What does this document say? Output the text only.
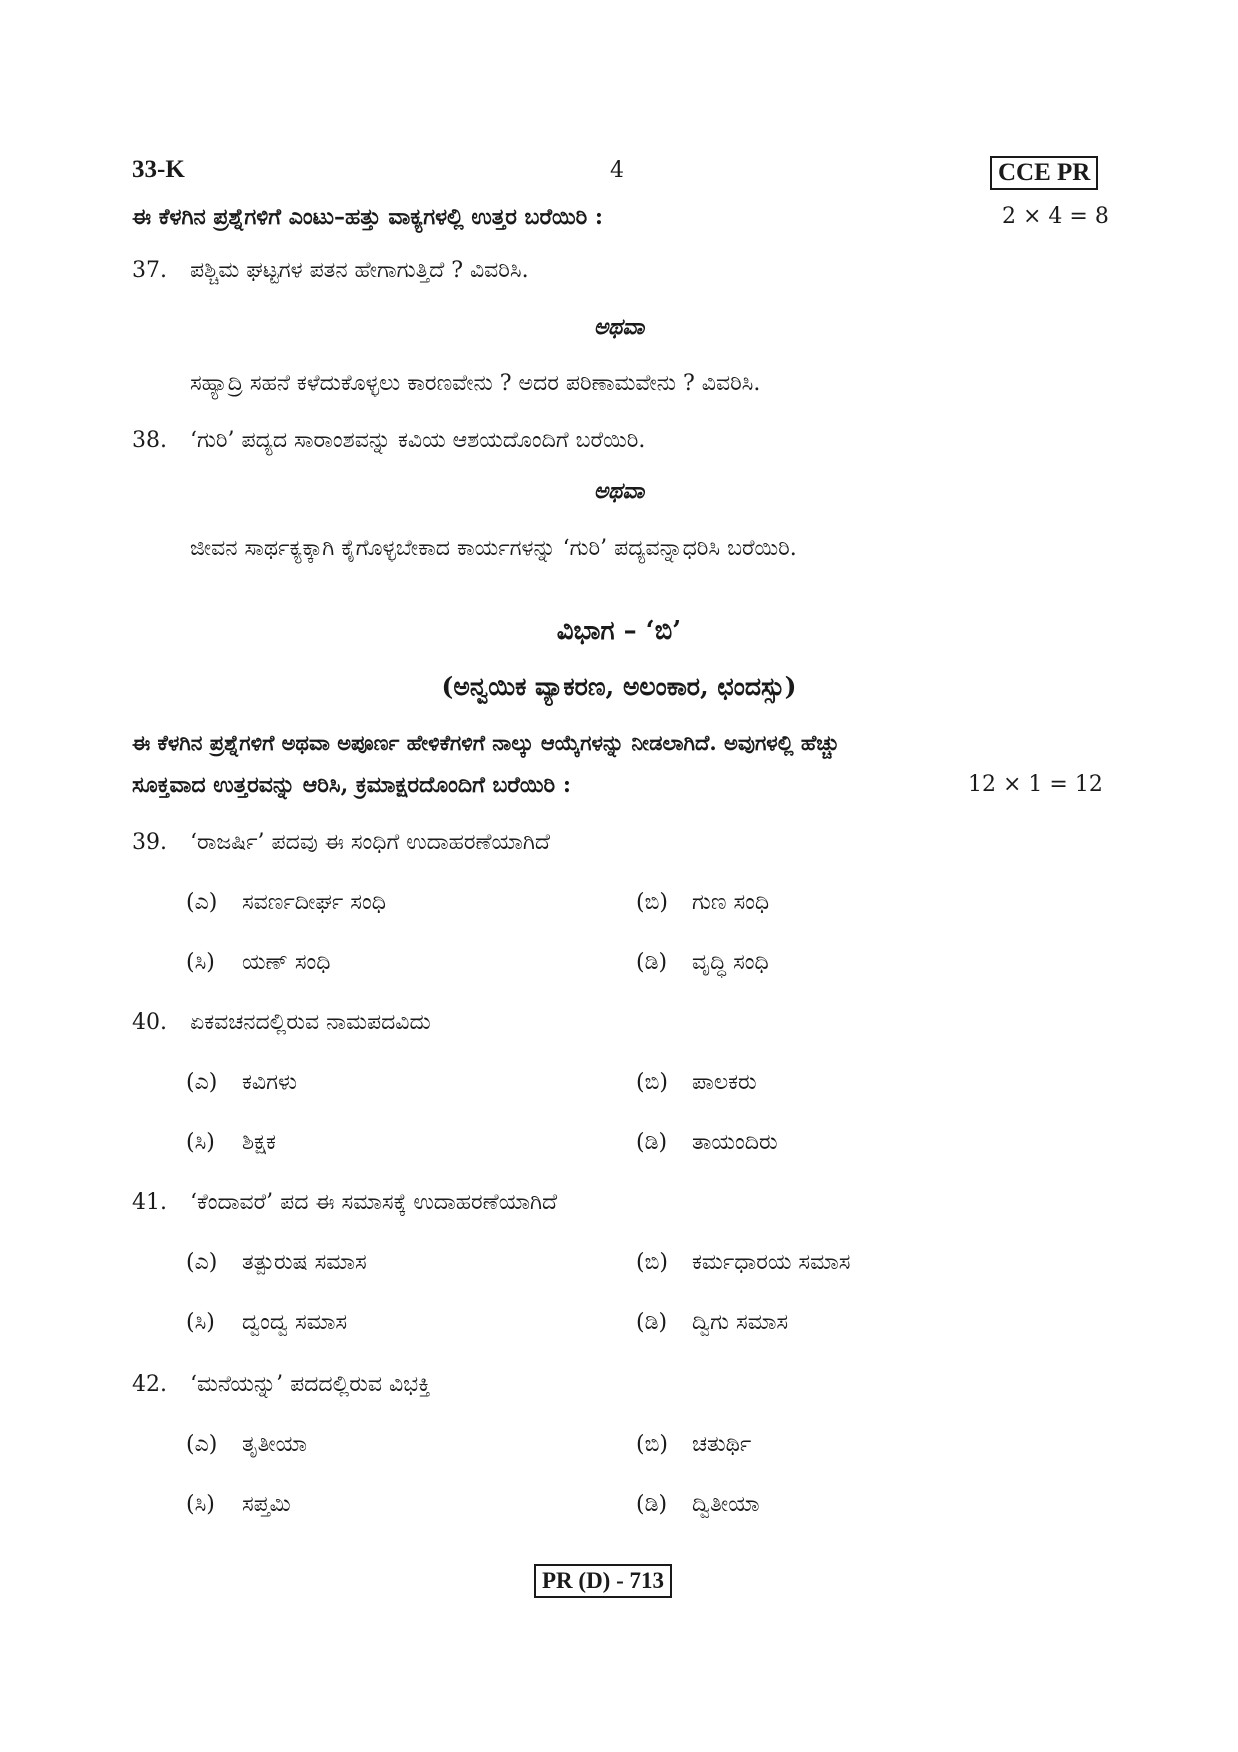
33-K	4	CCE PR
ಈ ಕೆಳಗಿನ ಪ್ರಶ್ನೆಗಳಿಗೆ ಎಂಟು–ಹತ್ತು ವಾಕ್ಯಗಳಲ್ಲಿ ಉತ್ತರ ಬರೆಯಿರಿ :	2 × 4 = 8
37. ಪಶ್ಚಿಮ ಘಟ್ಟಗಳ ಪತನ ಹೇಗಾಗುತ್ತಿದೆ ? ವಿವರಿಸಿ.
ಅಥವಾ
ಸಹ್ಯಾದ್ರಿ ಸಹನೆ ಕಳೆದುಕೊಳ್ಳಲು ಕಾರಣವೇನು ? ಅದರ ಪರಿಣಾಮವೇನು ? ವಿವರಿಸಿ.
38. ‘ಗುರಿ’ ಪದ್ಯದ ಸಾರಾಂಶವನ್ನು ಕವಿಯ ಆಶಯದೊಂದಿಗೆ ಬರೆಯಿರಿ.
ಅಥವಾ
ಜೀವನ ಸಾರ್ಥಕ್ಯಕ್ಕಾಗಿ ಕೈಗೊಳ್ಳಬೇಕಾದ ಕಾರ್ಯಗಳನ್ನು ‘ಗುರಿ’ ಪದ್ಯವನ್ನಾಧರಿಸಿ ಬರೆಯಿರಿ.
ವಿಭಾಗ – ‘ಬಿ’
(ಅನ್ವಯಿಕ ವ್ಯಾಕರಣ, ಅಲಂಕಾರ, ಛಂದಸ್ಸು)
ಈ ಕೆಳಗಿನ ಪ್ರಶ್ನೆಗಳಿಗೆ ಅಥವಾ ಅಪೂರ್ಣ ಹೇಳಿಕೆಗಳಿಗೆ ನಾಲ್ಕು ಆಯ್ಕೆಗಳನ್ನು ನೀಡಲಾಗಿದೆ. ಅವುಗಳಲ್ಲಿ ಹೆಚ್ಚು
ಸೂಕ್ತವಾದ ಉತ್ತರವನ್ನು ಆರಿಸಿ, ಕ್ರಮಾಕ್ಷರದೊಂದಿಗೆ ಬರೆಯಿರಿ :	12 × 1 = 12
39. ‘ರಾಜರ್ಷಿ’ ಪದವು ಈ ಸಂಧಿಗೆ ಉದಾಹರಣೆಯಾಗಿದೆ
(ಎ)	ಸವರ್ಣದೀರ್ಘ ಸಂಧಿ	(ಬಿ)	ಗುಣ ಸಂಧಿ
(ಸಿ)	ಯಣ್ ಸಂಧಿ	(ಡಿ)	ವೃದ್ಧಿ ಸಂಧಿ
40. ಏಕವಚನದಲ್ಲಿರುವ ನಾಮಪದವಿದು
(ಎ)	ಕವಿಗಳು	(ಬಿ)	ಪಾಲಕರು
(ಸಿ)	ಶಿಕ್ಷಕ	(ಡಿ)	ತಾಯಂದಿರು
41. ‘ಕೆಂದಾವರೆ’ ಪದ ಈ ಸಮಾಸಕ್ಕೆ ಉದಾಹರಣೆಯಾಗಿದೆ
(ಎ)	ತತ್ಪುರುಷ ಸಮಾಸ	(ಬಿ)	ಕರ್ಮಧಾರಯ ಸಮಾಸ
(ಸಿ)	ದ್ವಂದ್ವ ಸಮಾಸ	(ಡಿ)	ದ್ವಿಗು ಸಮಾಸ
42. ‘ಮನೆಯನ್ನು’ ಪದದಲ್ಲಿರುವ ವಿಭಕ್ತಿ
(ಎ)	ತೃತೀಯಾ	(ಬಿ)	ಚತುರ್ಥಿ
(ಸಿ)	ಸಪ್ತಮಿ	(ಡಿ)	ದ್ವಿತೀಯಾ
PR (D) - 713
